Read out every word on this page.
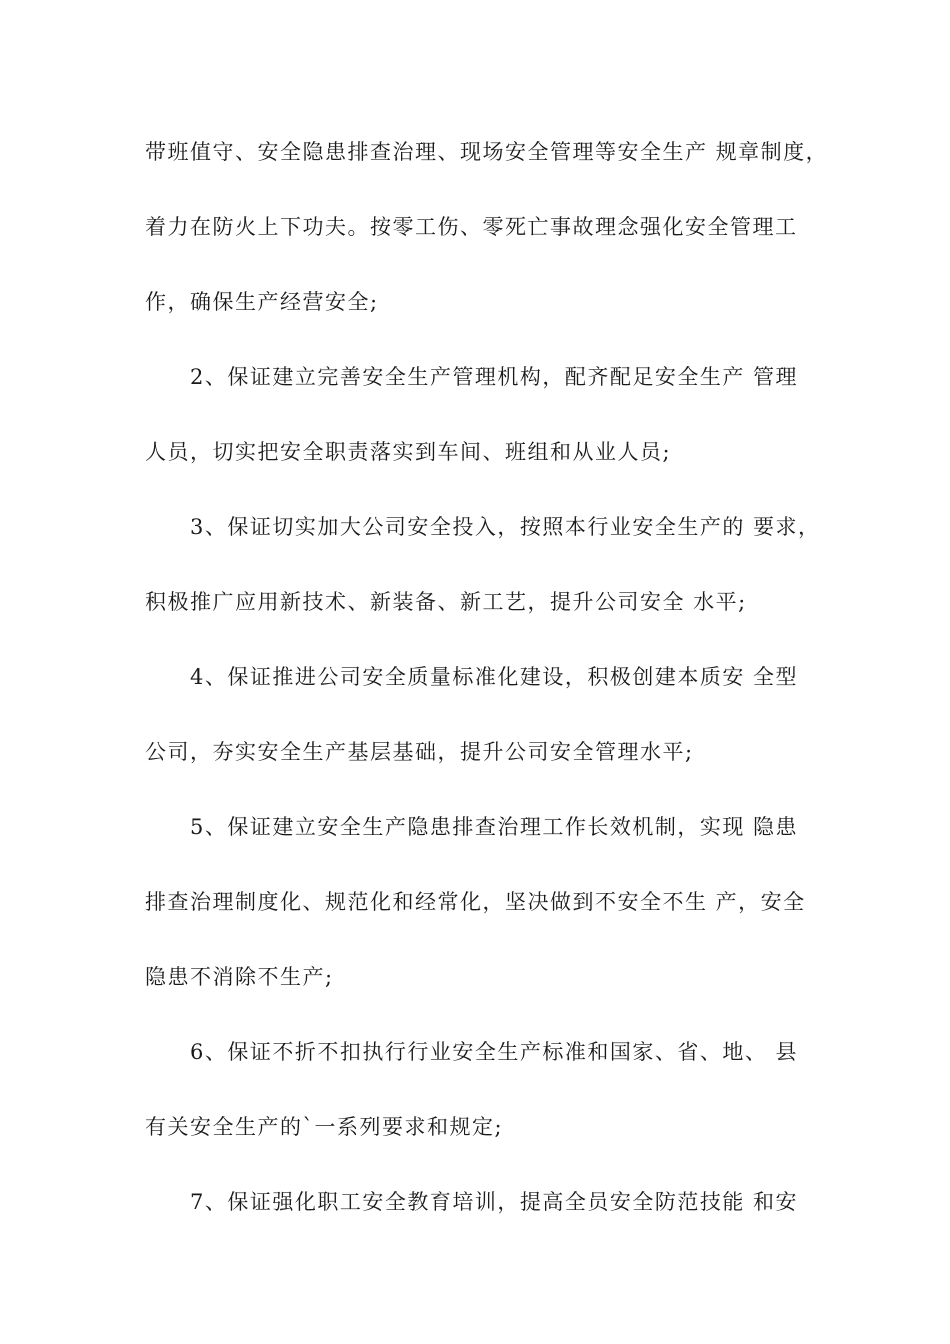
带班值守、安全隐患排查治理、现场安全管理等安全生产 规章制度，
着力在防火上下功夫。按零工伤、零死亡事故理念强化安全管理工
作，确保生产经营安全;
2、保证建立完善安全生产管理机构，配齐配足安全生产 管理
人员，切实把安全职责落实到车间、班组和从业人员;
3、保证切实加大公司安全投入，按照本行业安全生产的 要求，
积极推广应用新技术、新装备、新工艺，提升公司安全 水平;
4、保证推进公司安全质量标准化建设，积极创建本质安 全型
公司，夯实安全生产基层基础，提升公司安全管理水平;
5、保证建立安全生产隐患排查治理工作长效机制，实现 隐患
排查治理制度化、规范化和经常化，坚决做到不安全不生 产，安全
隐患不消除不生产;
6、保证不折不扣执行行业安全生产标准和国家、省、地、 县
有关安全生产的`一系列要求和规定;
7、保证强化职工安全教育培训，提高全员安全防范技能 和安
